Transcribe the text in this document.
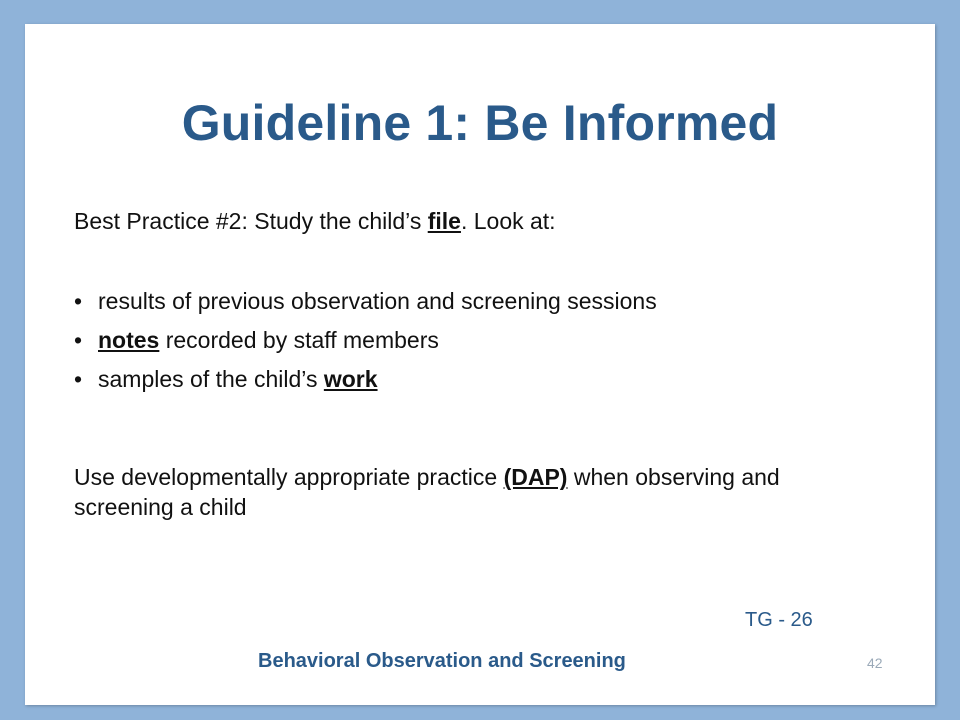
Guideline 1: Be Informed
Best Practice #2: Study the child’s file. Look at:
• results of previous observation and screening sessions
• notes recorded by staff members
• samples of the child’s work
Use developmentally appropriate practice (DAP) when observing and screening a child
TG - 26
Behavioral Observation and Screening	42
